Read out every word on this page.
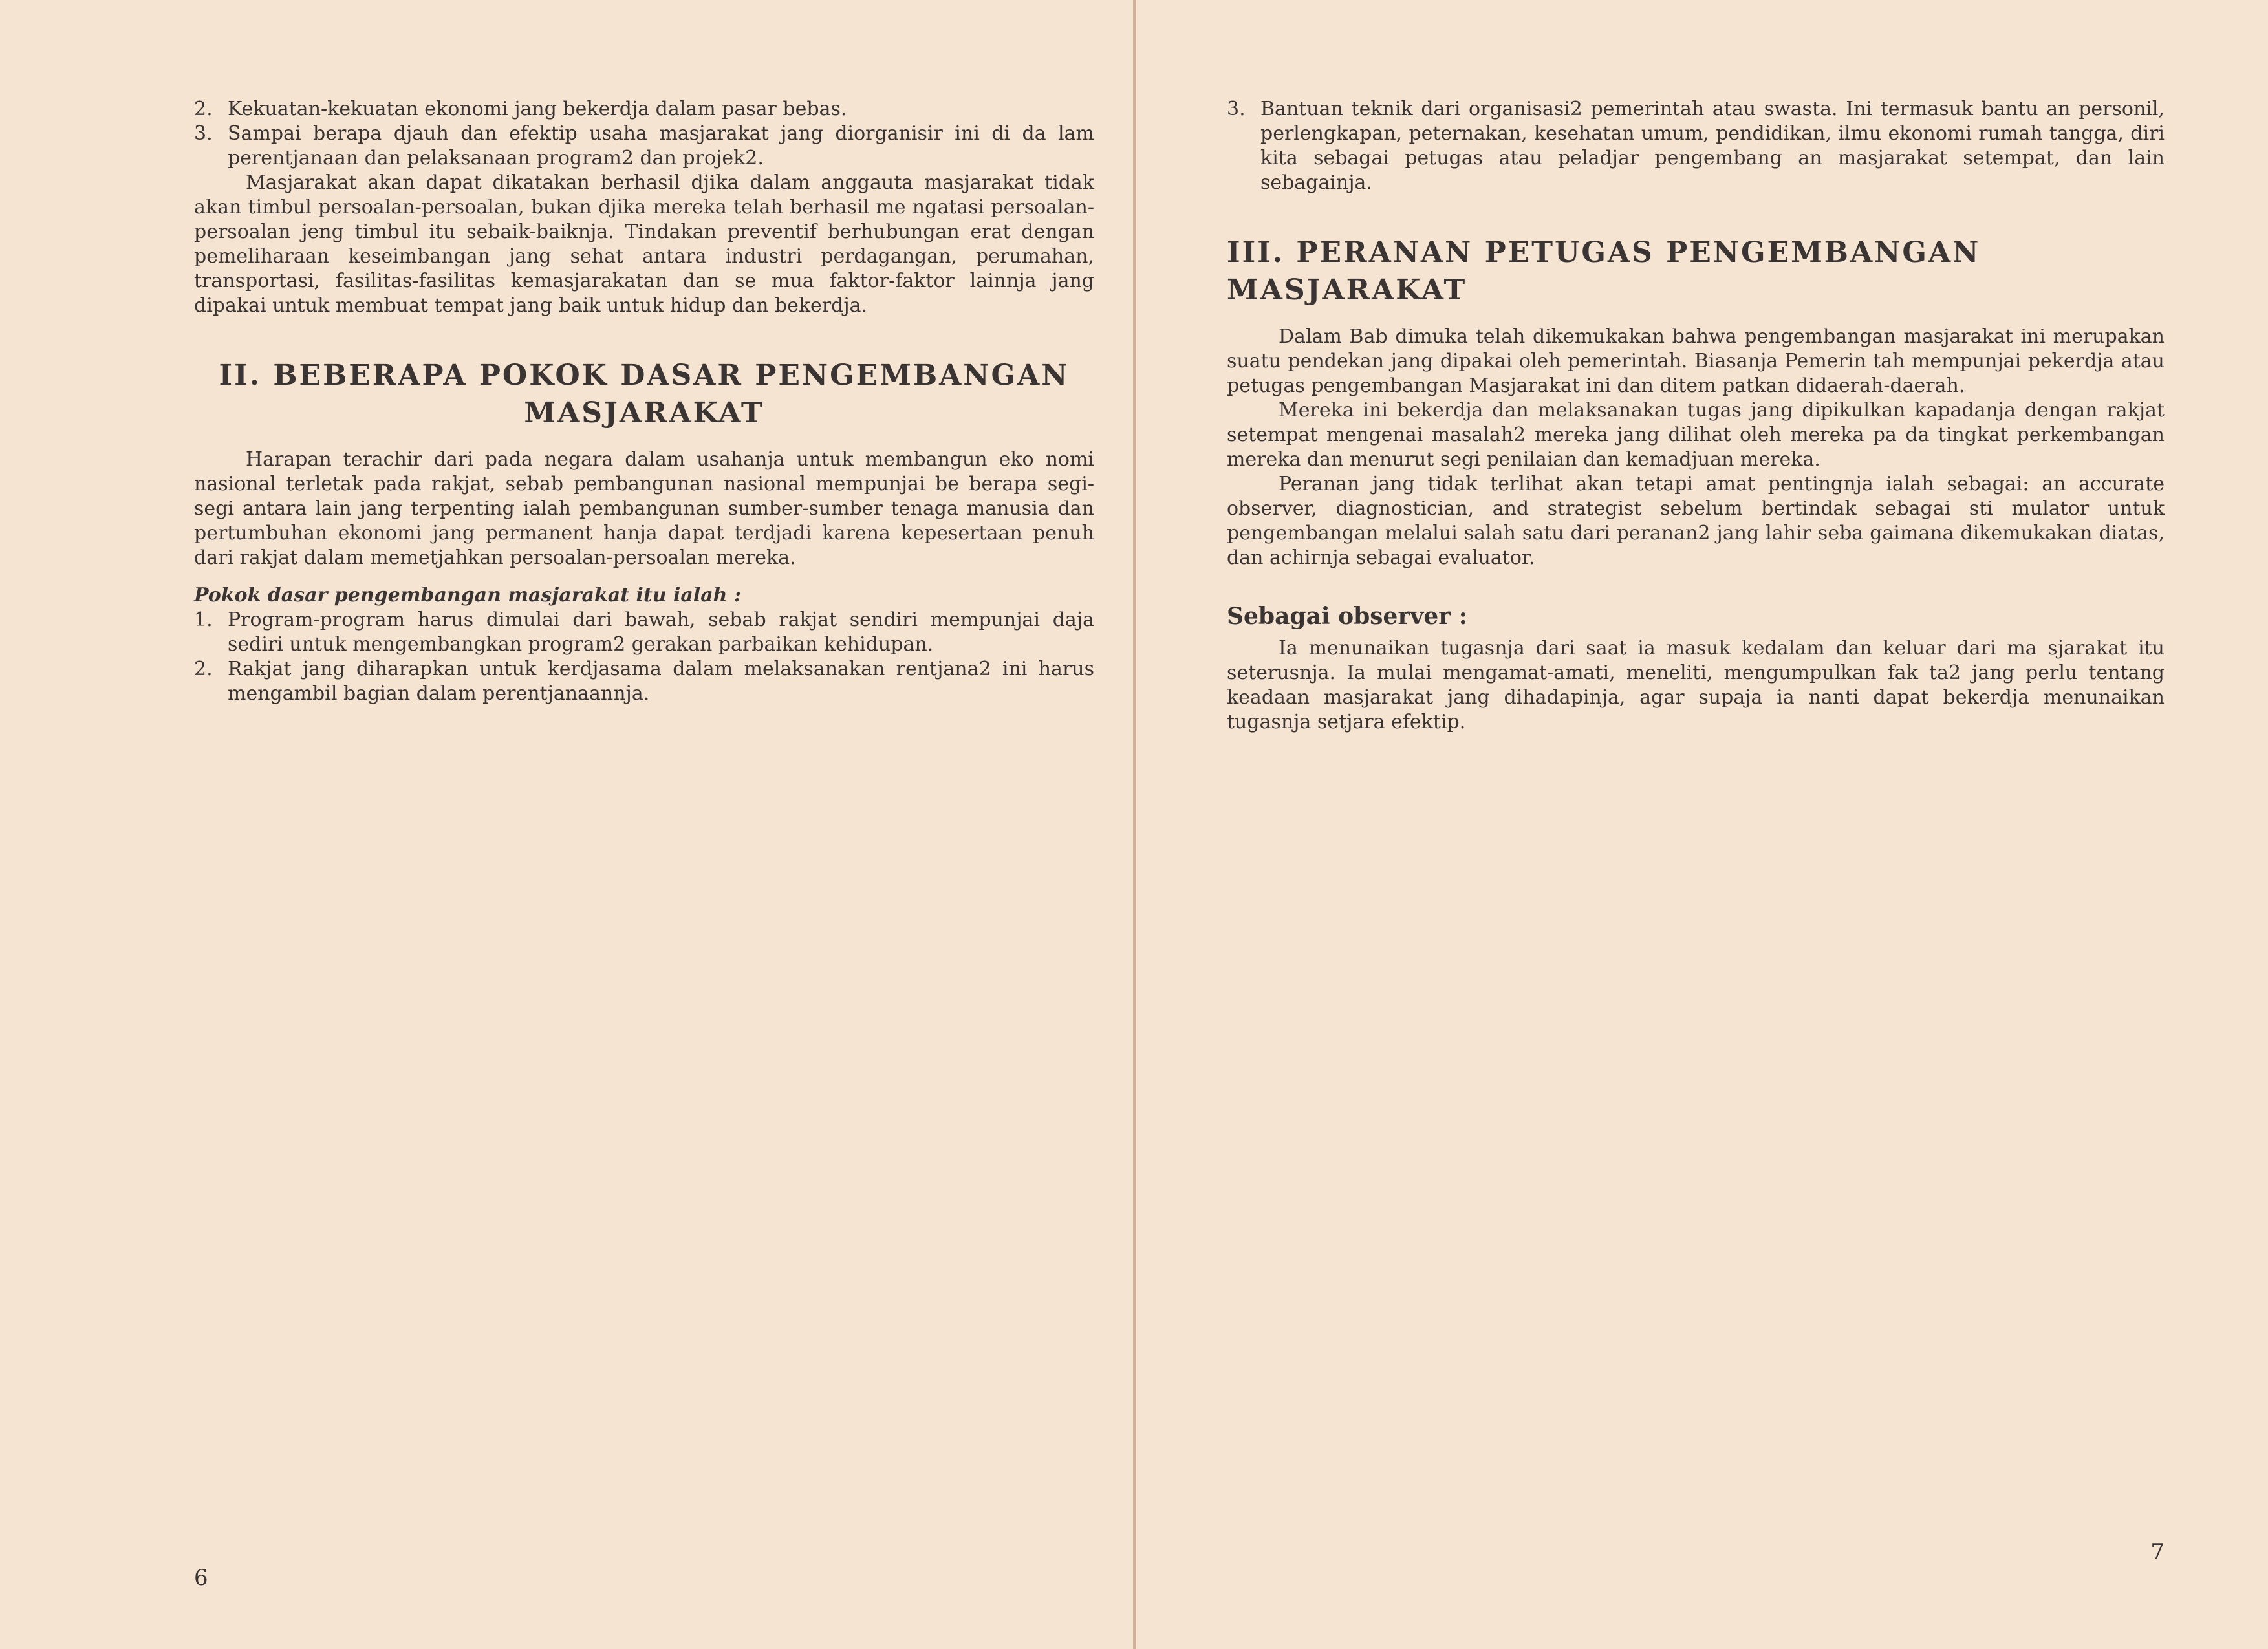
2. Kekuatan-kekuatan ekonomi jang bekerdja dalam pasar bebas.
3. Sampai berapa djauh dan efektip usaha masjarakat jang diorganisir ini di da lam perentjanaan dan pelaksanaan program2 dan projek2.

Masjarakat akan dapat dikatakan berhasil djika dalam anggauta masjarakat tidak akan timbul persoalan-persoalan, bukan djika mereka telah berhasil me ngatasi persoalan-persoalan jeng timbul itu sebaik-baiknja. Tindakan preventif berhubungan erat dengan pemeliharaan keseimbangan jang sehat antara industri perdagangan, perumahan, transportasi, fasilitas-fasilitas kemasjarakatan dan se mua faktor-faktor lainnja jang dipakai untuk membuat tempat jang baik untuk hidup dan bekerdja.

II. BEBERAPA POKOK DASAR PENGEMBANGAN MASJARAKAT

Harapan terachir dari pada negara dalam usahanja untuk membangun eko nomi nasional terletak pada rakjat, sebab pembangunan nasional mempunjai be berapa segi-segi antara lain jang terpenting ialah pembangunan sumber-sumber tenaga manusia dan pertumbuhan ekonomi jang permanent hanja dapat terdjadi karena kepesertaan penuh dari rakjat dalam memetjahkan persoalan-persoalan mereka.

Pokok dasar pengembangan masjarakat itu ialah :

1. Program-program harus dimulai dari bawah, sebab rakjat sendiri mempunjai daja sediri untuk mengembangkan program2 gerakan parbaikan kehidupan.
2. Rakjat jang diharapkan untuk kerdjasama dalam melaksanakan rentjana2 ini harus mengambil bagian dalam perentjanaannja.
6
3. Bantuan teknik dari organisasi2 pemerintah atau swasta. Ini termasuk bantu an personil, perlengkapan, peternakan, kesehatan umum, pendidikan, ilmu ekonomi rumah tangga, diri kita sebagai petugas atau peladjar pengembang an masjarakat setempat, dan lain sebagainja.
III. PERANAN PETUGAS PENGEMBANGAN MASJARAKAT

Dalam Bab dimuka telah dikemukakan bahwa pengembangan masjarakat ini merupakan suatu pendekan jang dipakai oleh pemerintah. Biasanja Pemerin tah mempunjai pekerdja atau petugas pengembangan Masjarakat ini dan ditem patkan didaerah-daerah.

Mereka ini bekerdja dan melaksanakan tugas jang dipikulkan kapadanja dengan rakjat setempat mengenai masalah2 mereka jang dilihat oleh mereka pa da tingkat perkembangan mereka dan menurut segi penilaian dan kemadjuan mereka.

Peranan jang tidak terlihat akan tetapi amat pentingnja ialah sebagai: an accurate observer, diagnostician, and strategist sebelum bertindak sebagai sti mulator untuk pengembangan melalui salah satu dari peranan2 jang lahir seba gaimana dikemukakan diatas, dan achirnja sebagai evaluator.

Sebagai observer :

Ia menunaikan tugasnja dari saat ia masuk kedalam dan keluar dari ma sjarakat itu seterusnja. Ia mulai mengamat-amati, meneliti, mengumpulkan fak ta2 jang perlu tentang keadaan masjarakat jang dihadapinja, agar supaja ia nanti dapat bekerdja menunaikan tugasnja setjara efektip.

7
